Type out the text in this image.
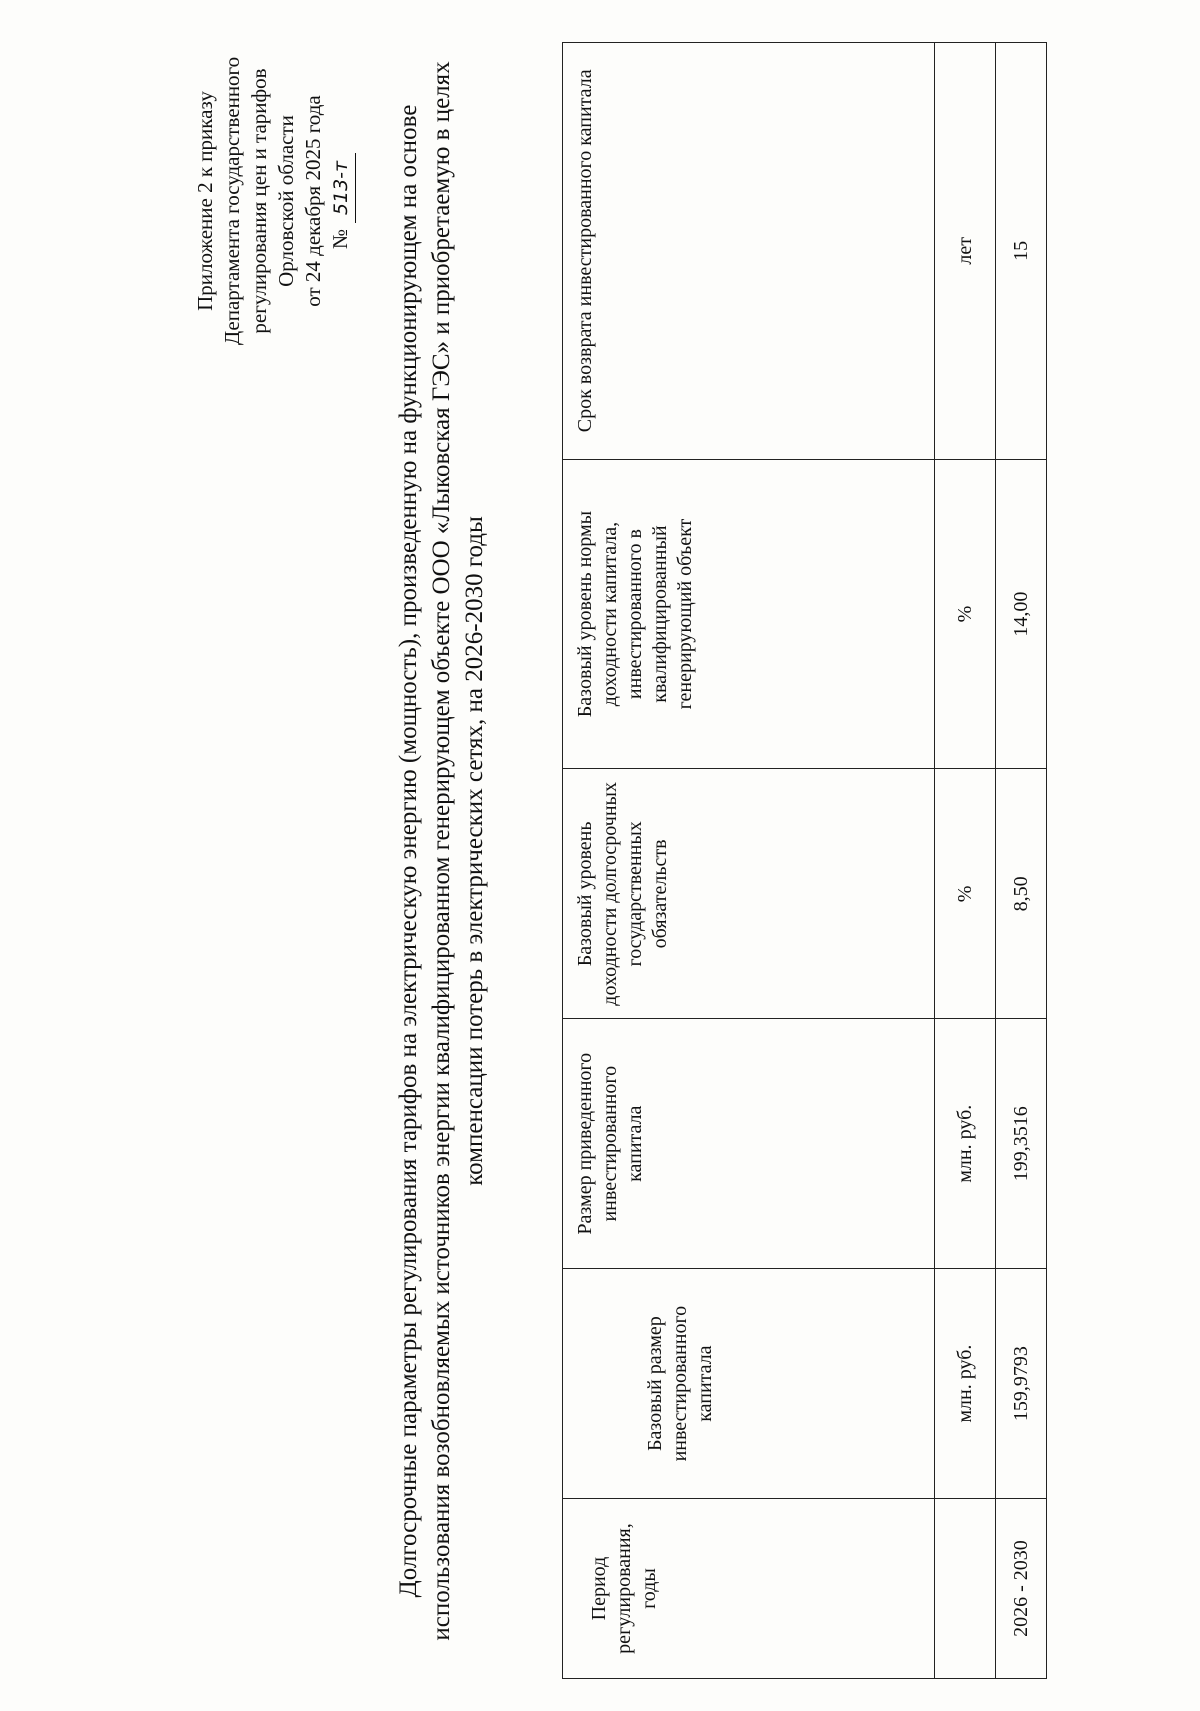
Приложение 2 к приказу Департамента государственного регулирования цен и тарифов Орловской области от 24 декабря 2025 года №513-т Долгосрочные параметры регулирования тарифов на электрическую энергию (мощность), произведенную на функционирующем на основе использования возобновляемых источников энергии квалифицированном генерирующем объекте ООО «Лыковская ГЭС» и приобретаемую в целях компенсации потерь в электрических сетях, на 2026-2030 годы
Период регулирования, годы	Базовый размер инвестированного капитала	Размер приведенного инвестированного капитала	Базовый уровень доходности долгосрочных государственных обязательств	Базовый уровень нормы доходности капитала, инвестированного в квалифицированный генерирующий объект	Срок возврата инвестированного капитала
	млн. руб.	млн. руб.	%	%	лет
2026 - 2030	159,9793	199,3516	8,50	14,00	15
